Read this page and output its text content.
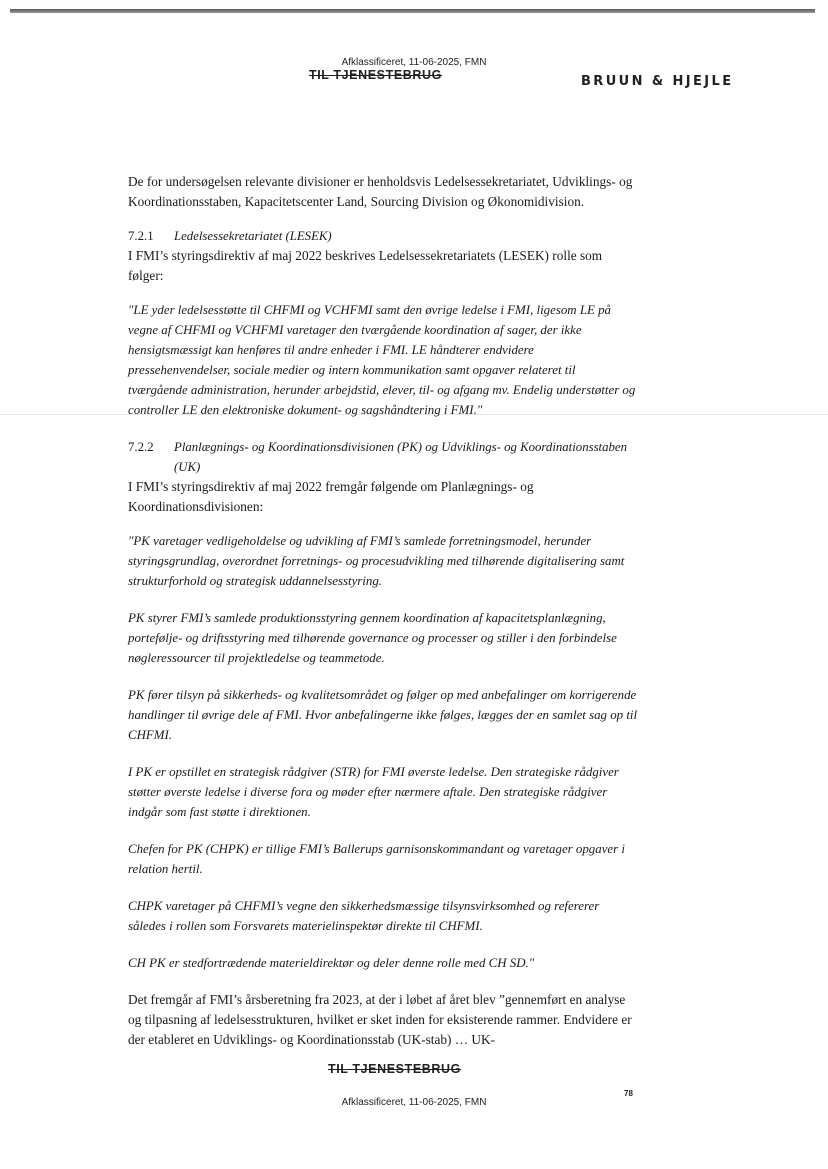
Afklassificeret, 11-06-2025, FMN
TIL TJENESTEBRUG	BRUUN & HJEJLE

De for undersøgelsen relevante divisioner er henholdsvis Ledelsessekretariatet, Udviklings- og Koordinationsstaben, Kapacitetscenter Land, Sourcing Division og Økonomidivision.

7.2.1	Ledelsessekretariatet (LESEK)

I FMI’s styringsdirektiv af maj 2022 beskrives Ledelsessekretariatets (LESEK) rolle som følger:

"LE yder ledelsesstøtte til CHFMI og VCHFMI samt den øvrige ledelse i FMI, ligesom LE på vegne af CHFMI og VCHFMI varetager den tværgående koordination af sager, der ikke hensigtsmæssigt kan henføres til andre enheder i FMI. LE håndterer endvidere pressehenvendelser, sociale medier og intern kommunikation samt opgaver relateret til tværgående administration, herunder arbejdstid, elever, til- og afgang mv. Endelig understøtter og controller LE den elektroniske dokument- og sagshåndtering i FMI."

7.2.2	Planlægnings- og Koordinationsdivisionen (PK) og Udviklings- og Koordinationsstaben (UK)

I FMI’s styringsdirektiv af maj 2022 fremgår følgende om Planlægnings- og Koordinationsdivisionen:

"PK varetager vedligeholdelse og udvikling af FMI’s samlede forretningsmodel, herunder styringsgrundlag, overordnet forretnings- og procesudvikling med tilhørende digitalisering samt strukturforhold og strategisk uddannelsesstyring.

PK styrer FMI’s samlede produktionsstyring gennem koordination af kapacitetsplanlægning, portefølje- og driftsstyring med tilhørende governance og processer og stiller i den forbindelse nøgleressourcer til projektledelse og teammetode.

PK fører tilsyn på sikkerheds- og kvalitetsområdet og følger op med anbefalinger om korrigerende handlinger til øvrige dele af FMI. Hvor anbefalingerne ikke følges, lægges der en samlet sag op til CHFMI.

I PK er opstillet en strategisk rådgiver (STR) for FMI øverste ledelse. Den strategiske rådgiver støtter øverste ledelse i diverse fora og møder efter nærmere aftale. Den strategiske rådgiver indgår som fast støtte i direktionen.

Chefen for PK (CHPK) er tillige FMI’s Ballerups garnisonskommandant og varetager opgaver i relation hertil.

CHPK varetager på CHFMI’s vegne den sikkerhedsmæssige tilsynsvirksomhed og refererer således i rollen som Forsvarets materielinspektør direkte til CHFMI.

CH PK er stedfortrædende materieldirektør og deler denne rolle med CH SD."

Det fremgår af FMI’s årsberetning fra 2023, at der i løbet af året blev ”gennemført en analyse og tilpasning af ledelsesstrukturen, hvilket er sket inden for eksisterende rammer. Endvidere er der etableret en Udviklings- og Koordinationsstab (UK-stab) … UK-

TIL TJENESTEBRUG
78
Afklassificeret, 11-06-2025, FMN
